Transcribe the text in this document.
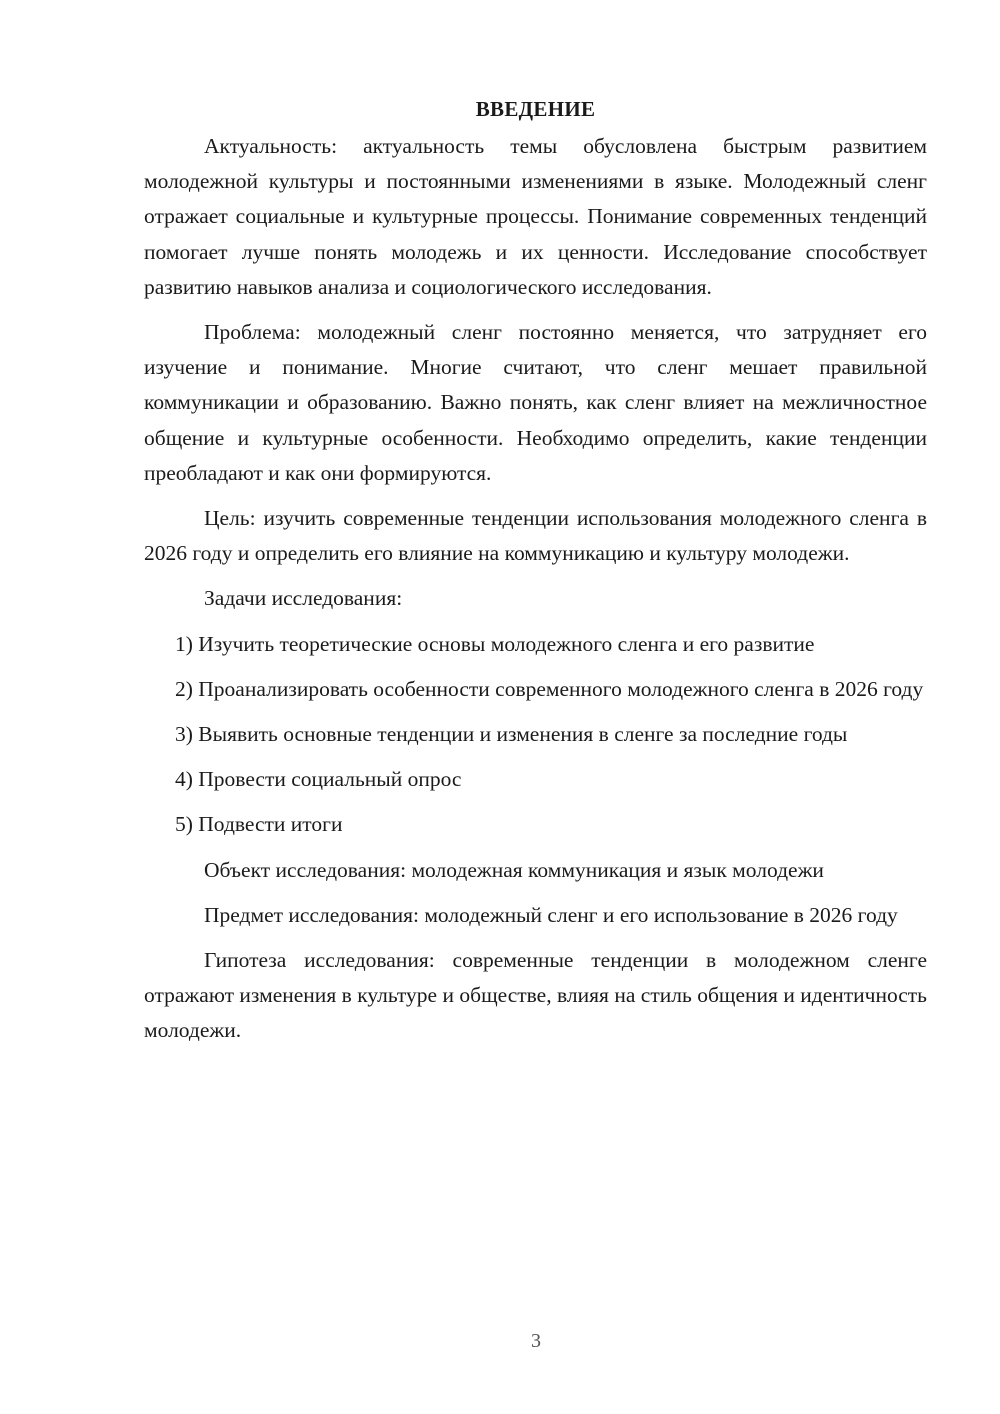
ВВЕДЕНИЕ

Актуальность: актуальность темы обусловлена быстрым развитием молодежной культуры и постоянными изменениями в языке. Молодежный сленг отражает социальные и культурные процессы. Понимание современных тенденций помогает лучше понять молодежь и их ценности. Исследование способствует развитию навыков анализа и социологического исследования.

Проблема: молодежный сленг постоянно меняется, что затрудняет его изучение и понимание. Многие считают, что сленг мешает правильной коммуникации и образованию. Важно понять, как сленг влияет на межличностное общение и культурные особенности. Необходимо определить, какие тенденции преобладают и как они формируются.

Цель: изучить современные тенденции использования молодежного сленга в 2026 году и определить его влияние на коммуникацию и культуру молодежи.

Задачи исследования:

1) Изучить теоретические основы молодежного сленга и его развитие

2) Проанализировать особенности современного молодежного сленга в 2026 году

3) Выявить основные тенденции и изменения в сленге за последние годы

4) Провести социальный опрос

5) Подвести итоги

Объект исследования: молодежная коммуникация и язык молодежи

Предмет исследования: молодежный сленг и его использование в 2026 году

Гипотеза исследования: современные тенденции в молодежном сленге отражают изменения в культуре и обществе, влияя на стиль общения и идентичность молодежи.

3
